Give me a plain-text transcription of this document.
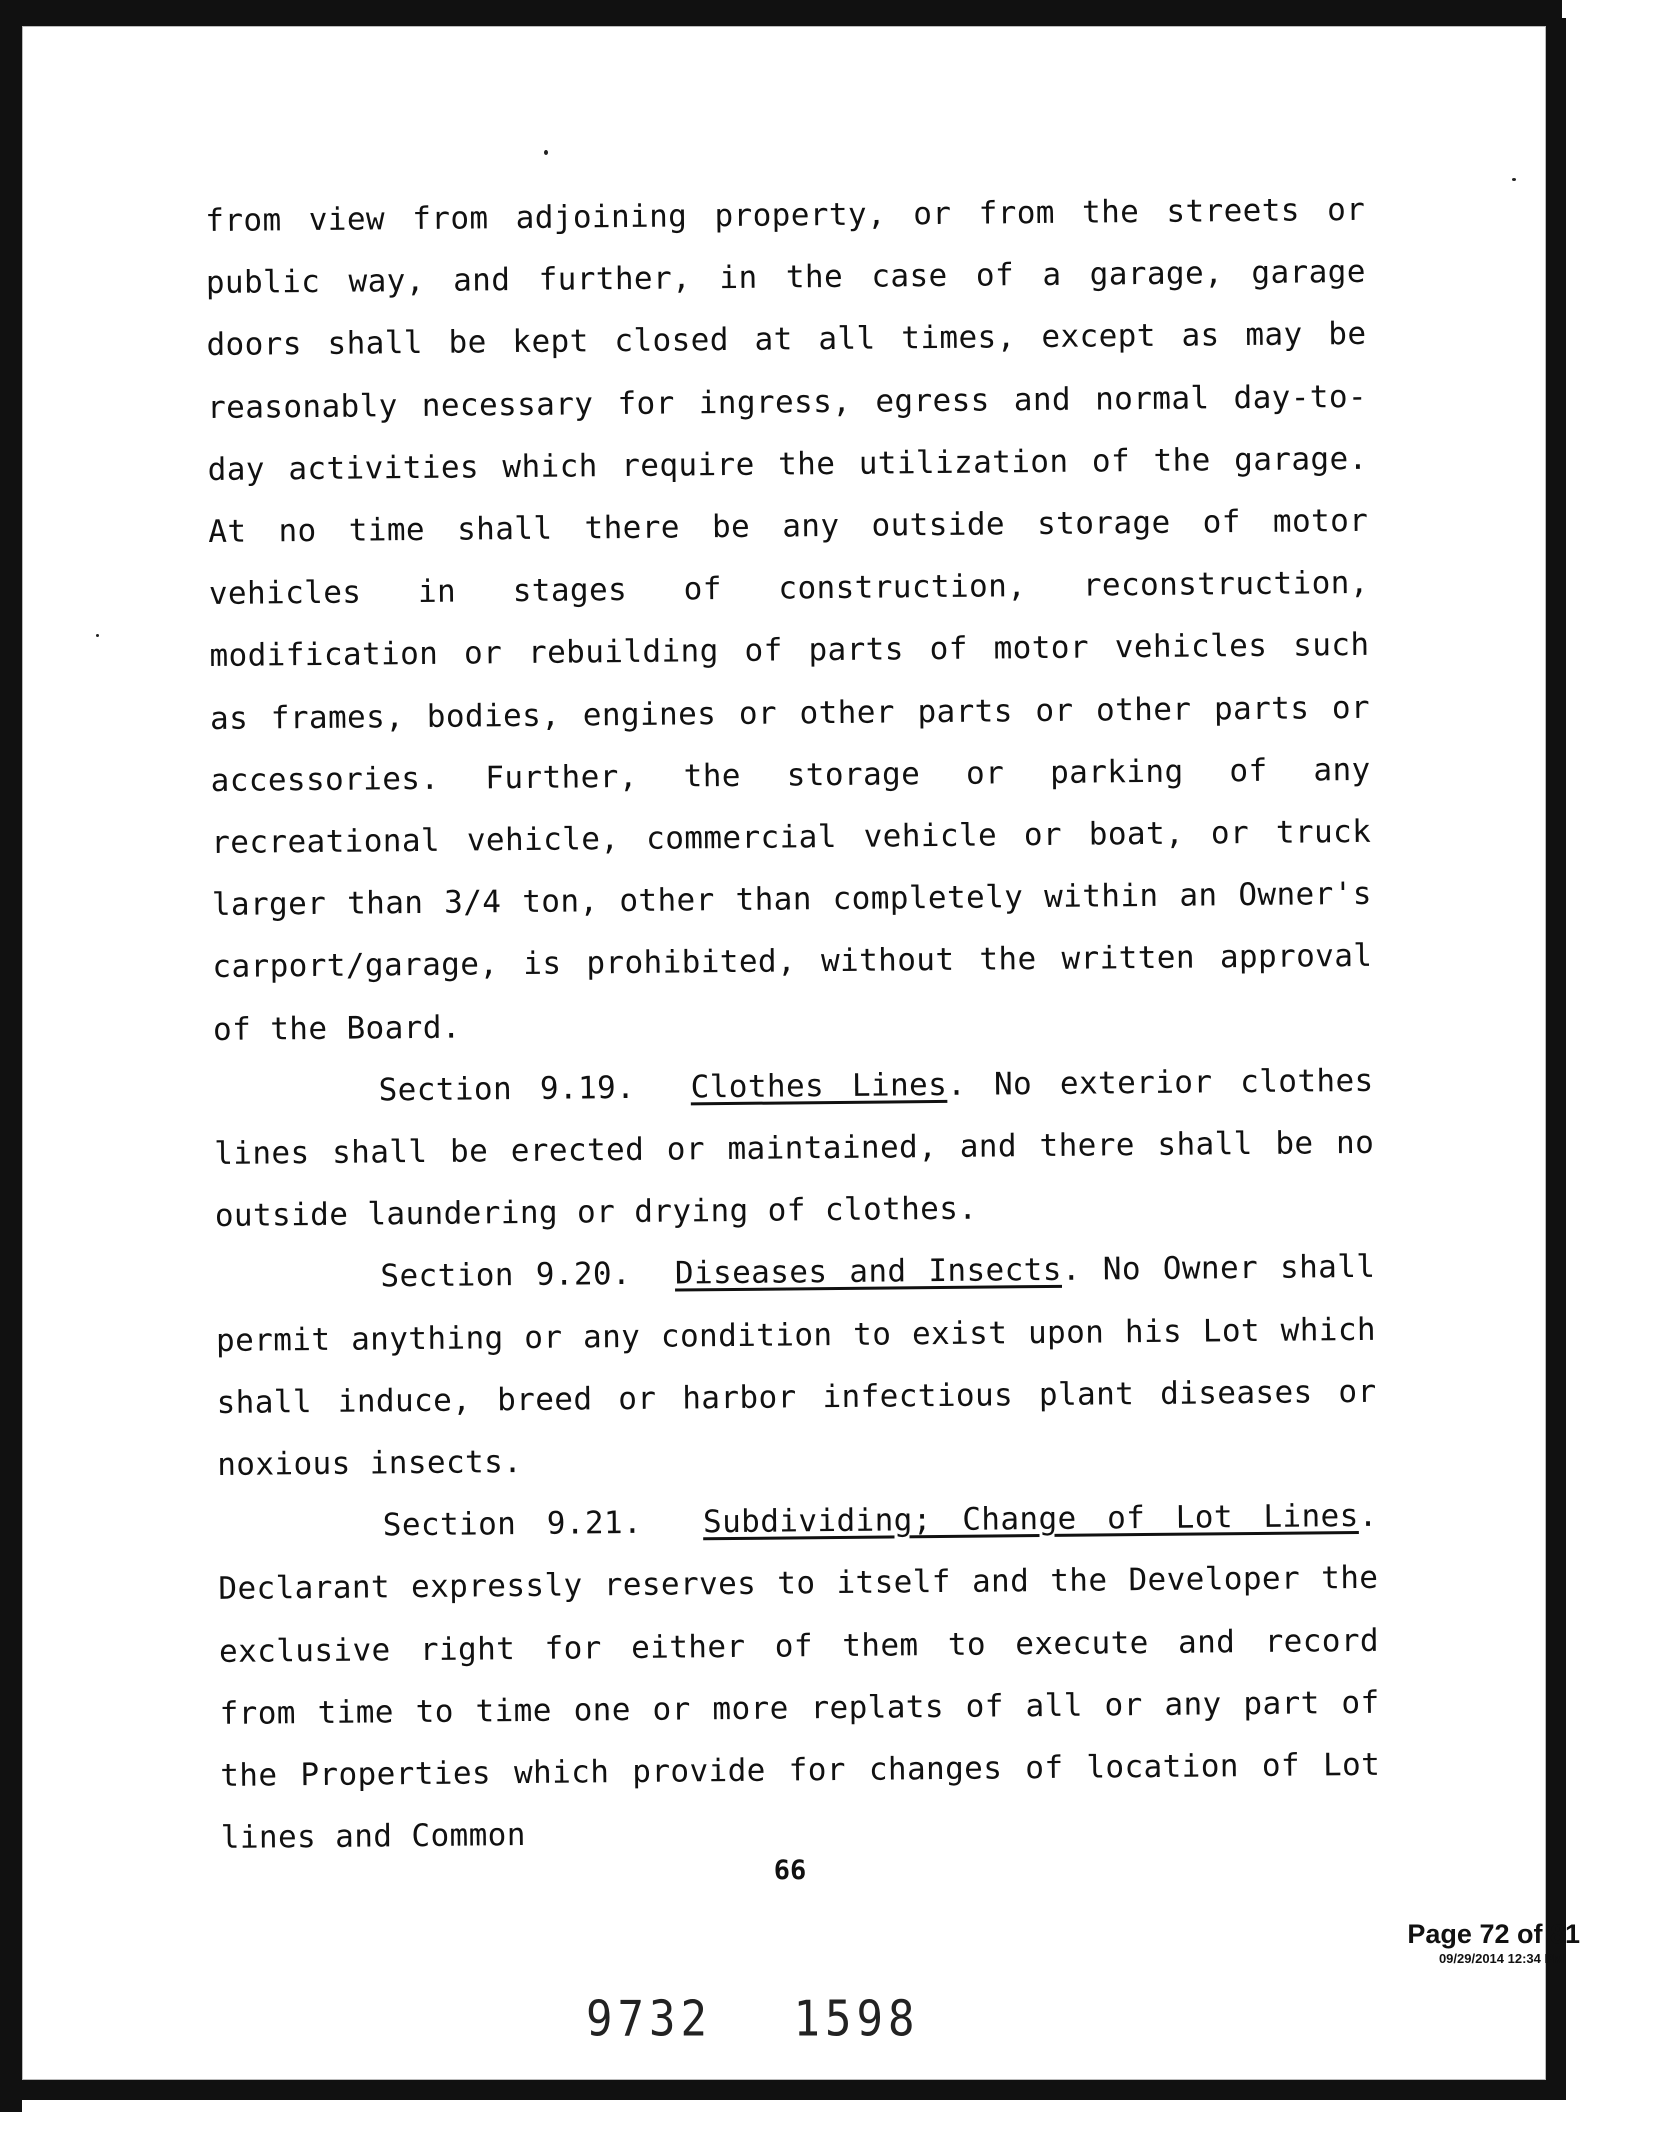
from view from adjoining property, or from the streets or public way, and further, in the case of a garage, garage doors shall be kept closed at all times, except as may be reasonably necessary for ingress, egress and normal day-to-day activities which require the utilization of the garage. At no time shall there be any outside storage of motor vehicles in stages of construction, reconstruction, modification or rebuilding of parts of motor vehicles such as frames, bodies, engines or other parts or other parts or accessories. Further, the storage or parking of any recreational vehicle, commercial vehicle or boat, or truck larger than 3/4 ton, other than completely within an Owner's carport/garage, is prohibited, without the written approval of the Board.

Section 9.19. Clothes Lines. No exterior clothes lines shall be erected or maintained, and there shall be no outside laundering or drying of clothes.

Section 9.20. Diseases and Insects. No Owner shall permit anything or any condition to exist upon his Lot which shall induce, breed or harbor infectious plant diseases or noxious insects.

Section 9.21. Subdividing; Change of Lot Lines. Declarant expressly reserves to itself and the Developer the exclusive right for either of them to execute and record from time to time one or more replats of all or any part of the Properties which provide for changes of location of Lot lines and Common

66
Page 72 of 81
09/29/2014 12:34 PM
9732 1598
